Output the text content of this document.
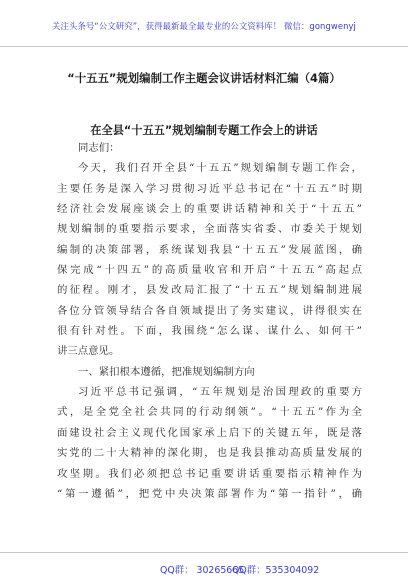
关注头条号“公文研究”，获得最新最全最专业的公文资料库！ 微信：gongwenyj
“十五五”规划编制工作主题会议讲话材料汇编（4篇）
在全县“十五五”规划编制专题工作会上的讲话
同志们：
今天，我们召开全县“十五五”规划编制专题工作会，
主要任务是深入学习贯彻习近平总书记在“十五五”时期
经济社会发展座谈会上的重要讲话精神和关于“十五五”
规划编制的重要指示要求，全面落实省委、市委关于规划
编制的决策部署，系统谋划我县“十五五”发展蓝图，确
保完成“十四五”的高质量收官和开启“十五五”高起点
的征程。刚才，县发改局汇报了“十五五”规划编制进展
各位分管领导结合各自领域提出了务实建议，讲得很实在
很有针对性。下面，我围绕“怎么谋、谋什么、如何干”
讲三点意见。
一、紧扣根本遵循，把准规划编制方向
习近平总书记强调，“五年规划是治国理政的重要方
式，是全党全社会共同的行动纲领”。“十五五”作为全
面建设社会主义现代化国家承上启下的关键五年，既是落
实党的二十大精神的深化期，也是我县推动高质量发展的
攻坚期。我们必须把总书记重要讲话重要指示精神作为
“第一遵循”，把党中央决策部署作为“第一指针”，确
QQ群： 30265665
QQ群：535304092
